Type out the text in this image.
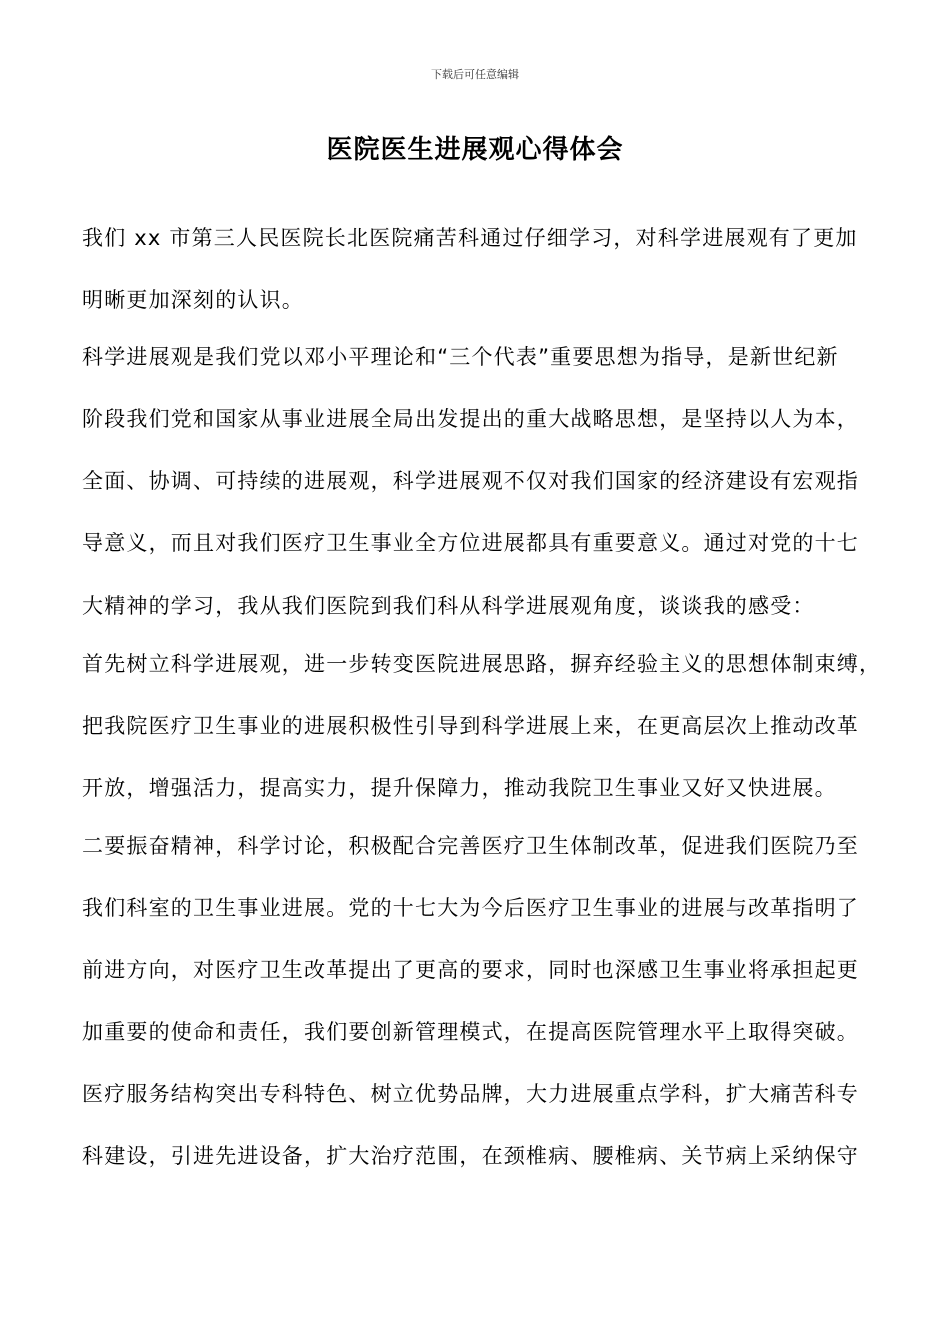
下载后可任意编辑
医院医生进展观心得体会
我们 xx 市第三人民医院长北医院痛苦科通过仔细学习，对科学进展观有了更加
明晰更加深刻的认识。
科学进展观是我们党以邓小平理论和“三个代表”重要思想为指导，是新世纪新
阶段我们党和国家从事业进展全局出发提出的重大战略思想，是坚持以人为本，
全面、协调、可持续的进展观，科学进展观不仅对我们国家的经济建设有宏观指
导意义，而且对我们医疗卫生事业全方位进展都具有重要意义。通过对党的十七
大精神的学习，我从我们医院到我们科从科学进展观角度，谈谈我的感受：
首先树立科学进展观，进一步转变医院进展思路，摒弃经验主义的思想体制束缚，
把我院医疗卫生事业的进展积极性引导到科学进展上来，在更高层次上推动改革
开放，增强活力，提高实力，提升保障力，推动我院卫生事业又好又快进展。
二要振奋精神，科学讨论，积极配合完善医疗卫生体制改革，促进我们医院乃至
我们科室的卫生事业进展。党的十七大为今后医疗卫生事业的进展与改革指明了
前进方向，对医疗卫生改革提出了更高的要求，同时也深感卫生事业将承担起更
加重要的使命和责任，我们要创新管理模式，在提高医院管理水平上取得突破。
医疗服务结构突出专科特色、树立优势品牌，大力进展重点学科，扩大痛苦科专
科建设，引进先进设备，扩大治疗范围，在颈椎病、腰椎病、关节病上采纳保守
